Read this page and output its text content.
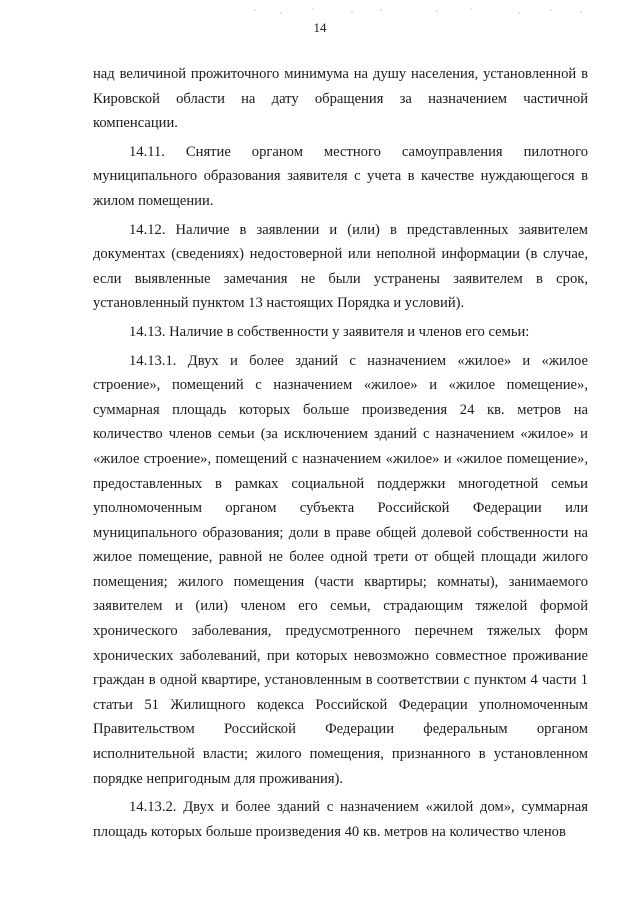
14

над величиной прожиточного минимума на душу населения, установленной в Кировской области на дату обращения за назначением частичной компенсации.

14.11. Снятие органом местного самоуправления пилотного муниципального образования заявителя с учета в качестве нуждающегося в жилом помещении.

14.12. Наличие в заявлении и (или) в представленных заявителем документах (сведениях) недостоверной или неполной информации (в случае, если выявленные замечания не были устранены заявителем в срок, установленный пунктом 13 настоящих Порядка и условий).

14.13. Наличие в собственности у заявителя и членов его семьи:

14.13.1. Двух и более зданий с назначением «жилое» и «жилое строение», помещений с назначением «жилое» и «жилое помещение», суммарная площадь которых больше произведения 24 кв. метров на количество членов семьи (за исключением зданий с назначением «жилое» и «жилое строение», помещений с назначением «жилое» и «жилое помещение», предоставленных в рамках социальной поддержки многодетной семьи уполномоченным органом субъекта Российской Федерации или муниципального образования; доли в праве общей долевой собственности на жилое помещение, равной не более одной трети от общей площади жилого помещения; жилого помещения (части квартиры; комнаты), занимаемого заявителем и (или) членом его семьи, страдающим тяжелой формой хронического заболевания, предусмотренного перечнем тяжелых форм хронических заболеваний, при которых невозможно совместное проживание граждан в одной квартире, установленным в соответствии с пунктом 4 части 1 статьи 51 Жилищного кодекса Российской Федерации уполномоченным Правительством Российской Федерации федеральным органом исполнительной власти; жилого помещения, признанного в установленном порядке непригодным для проживания).

14.13.2. Двух и более зданий с назначением «жилой дом», суммарная площадь которых больше произведения 40 кв. метров на количество членов
